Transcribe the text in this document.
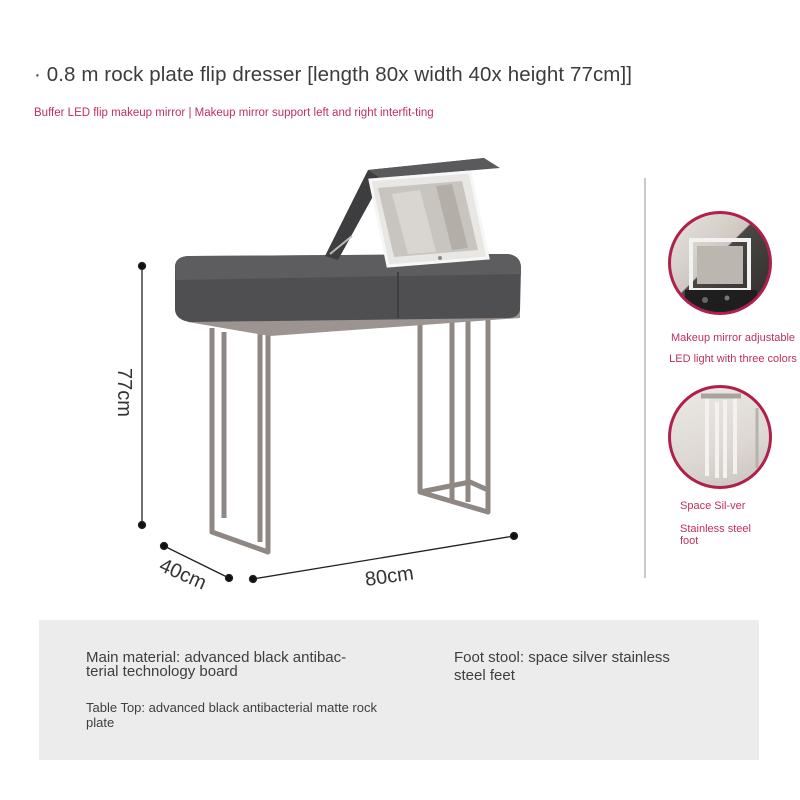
· 0.8 m rock plate flip dresser [length 80x width 40x height 77cm]]
Buffer LED flip makeup mirror | Makeup mirror support left and right interfit-ting
77cm
40cm	80cm
Makeup mirror adjustable
LED light with three colors
Space Sil-ver
Stainless steel foot
Main material: advanced black antibac-terial technology board
Table Top: advanced black antibacterial matte rock plate
Foot stool: space silver stainless steel feet
